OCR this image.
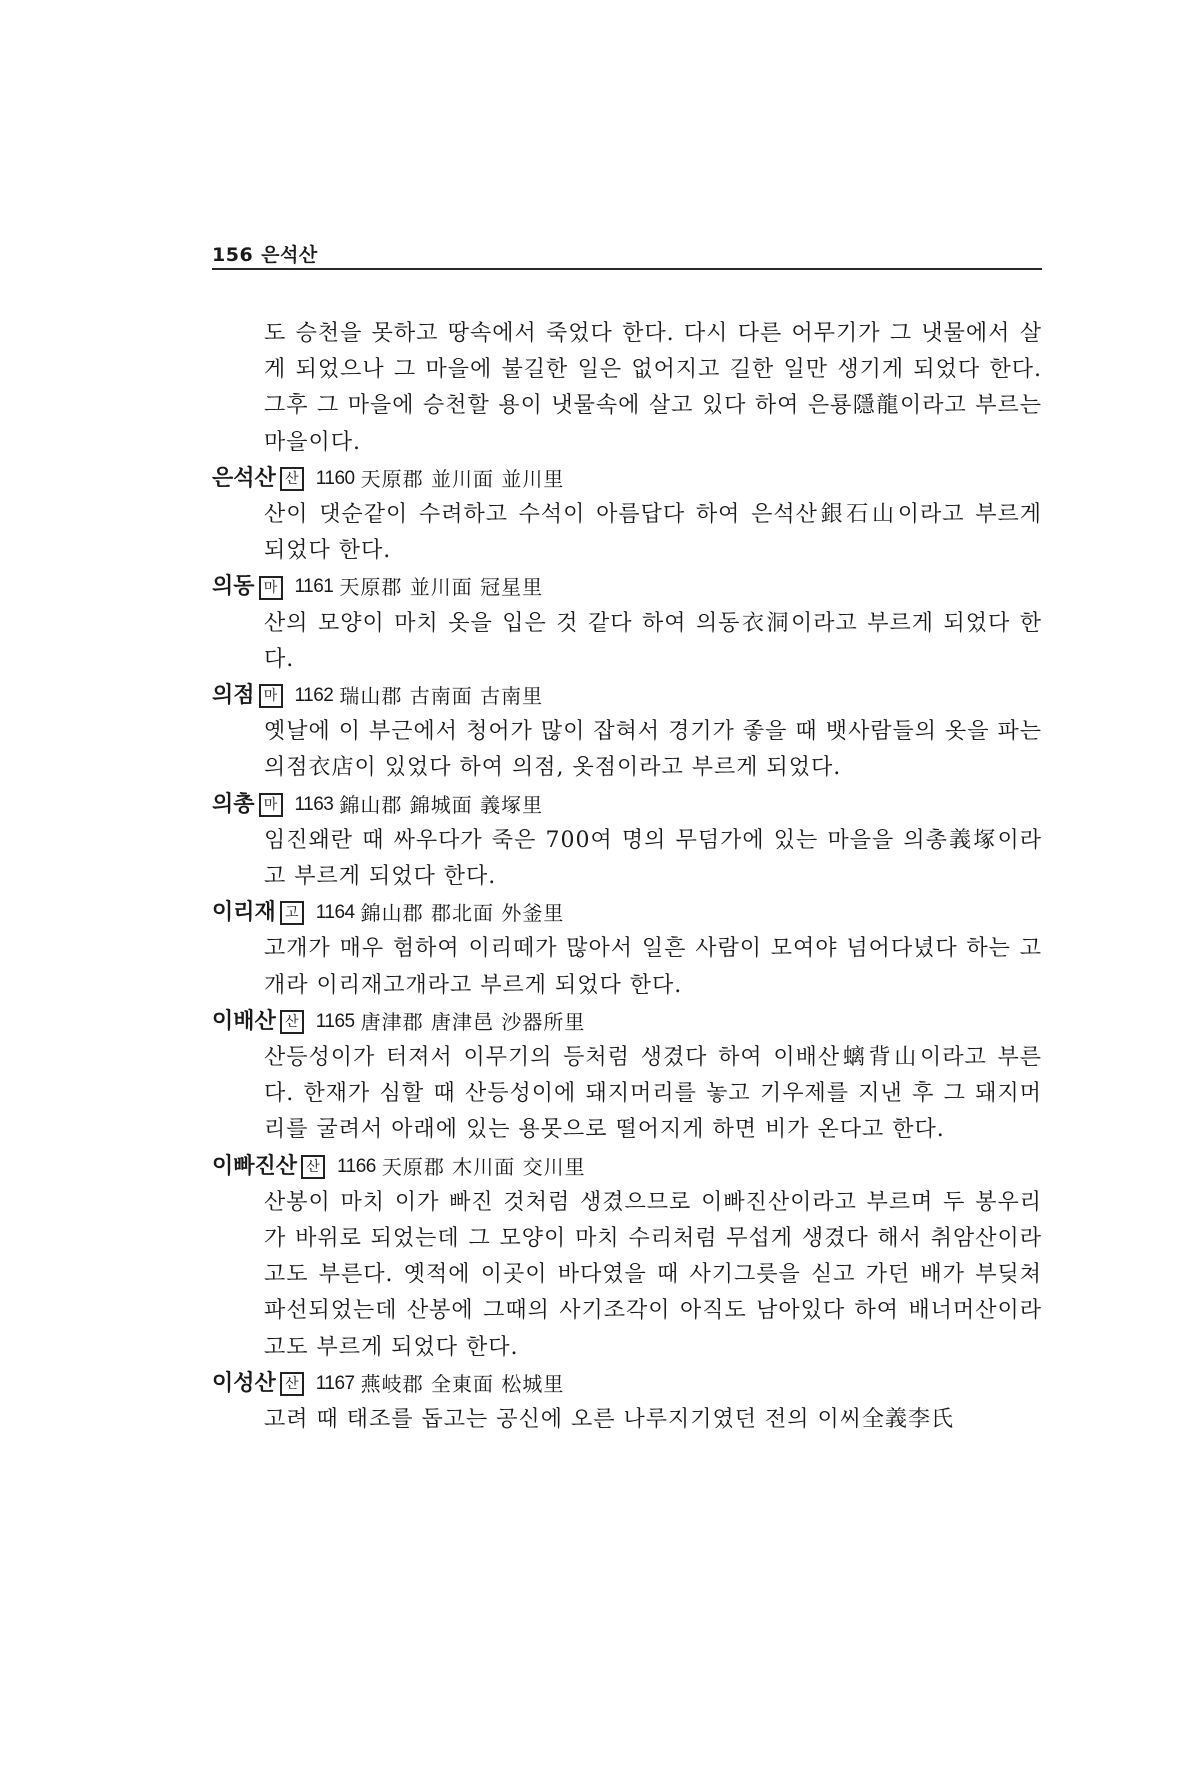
156 은석산

도 승천을 못하고 땅속에서 죽었다 한다. 다시 다른 어무기가 그 냇물에서 살게 되었으나 그 마을에 불길한 일은 없어지고 길한 일만 생기게 되었다 한다. 그후 그 마을에 승천할 용이 냇물속에 살고 있다 하여 은룡隱龍이라고 부르는 마을이다.

은석산 산 1160 天原郡 並川面 並川里

산이 댓순같이 수려하고 수석이 아름답다 하여 은석산銀石山이라고 부르게 되었다 한다.

의동 마 1161 天原郡 並川面 冠星里

산의 모양이 마치 옷을 입은 것 같다 하여 의동衣洞이라고 부르게 되었다 한다.

의점 마 1162 瑞山郡 古南面 古南里

옛날에 이 부근에서 청어가 많이 잡혀서 경기가 좋을 때 뱃사람들의 옷을 파는 의점衣店이 있었다 하여 의점, 옷점이라고 부르게 되었다.

의총 마 1163 錦山郡 錦城面 義塚里

임진왜란 때 싸우다가 죽은 700여 명의 무덤가에 있는 마을을 의총義塚이라고 부르게 되었다 한다.

이리재 고 1164 錦山郡 郡北面 外釜里

고개가 매우 험하여 이리떼가 많아서 일흔 사람이 모여야 넘어다녔다 하는 고개라 이리재고개라고 부르게 되었다 한다.

이배산 산 1165 唐津郡 唐津邑 沙器所里

산등성이가 터져서 이무기의 등처럼 생겼다 하여 이배산螭背山이라고 부른다. 한재가 심할 때 산등성이에 돼지머리를 놓고 기우제를 지낸 후 그 돼지머리를 굴려서 아래에 있는 용못으로 떨어지게 하면 비가 온다고 한다.

이빠진산 산 1166 天原郡 木川面 交川里

산봉이 마치 이가 빠진 것처럼 생겼으므로 이빠진산이라고 부르며 두 봉우리가 바위로 되었는데 그 모양이 마치 수리처럼 무섭게 생겼다 해서 취암산이라고도 부른다. 옛적에 이곳이 바다였을 때 사기그릇을 싣고 가던 배가 부딪쳐 파선되었는데 산봉에 그때의 사기조각이 아직도 남아있다 하여 배너머산이라고도 부르게 되었다 한다.

이성산 산 1167 燕岐郡 全東面 松城里

고려 때 태조를 돕고는 공신에 오른 나루지기였던 전의 이씨全義李氏
